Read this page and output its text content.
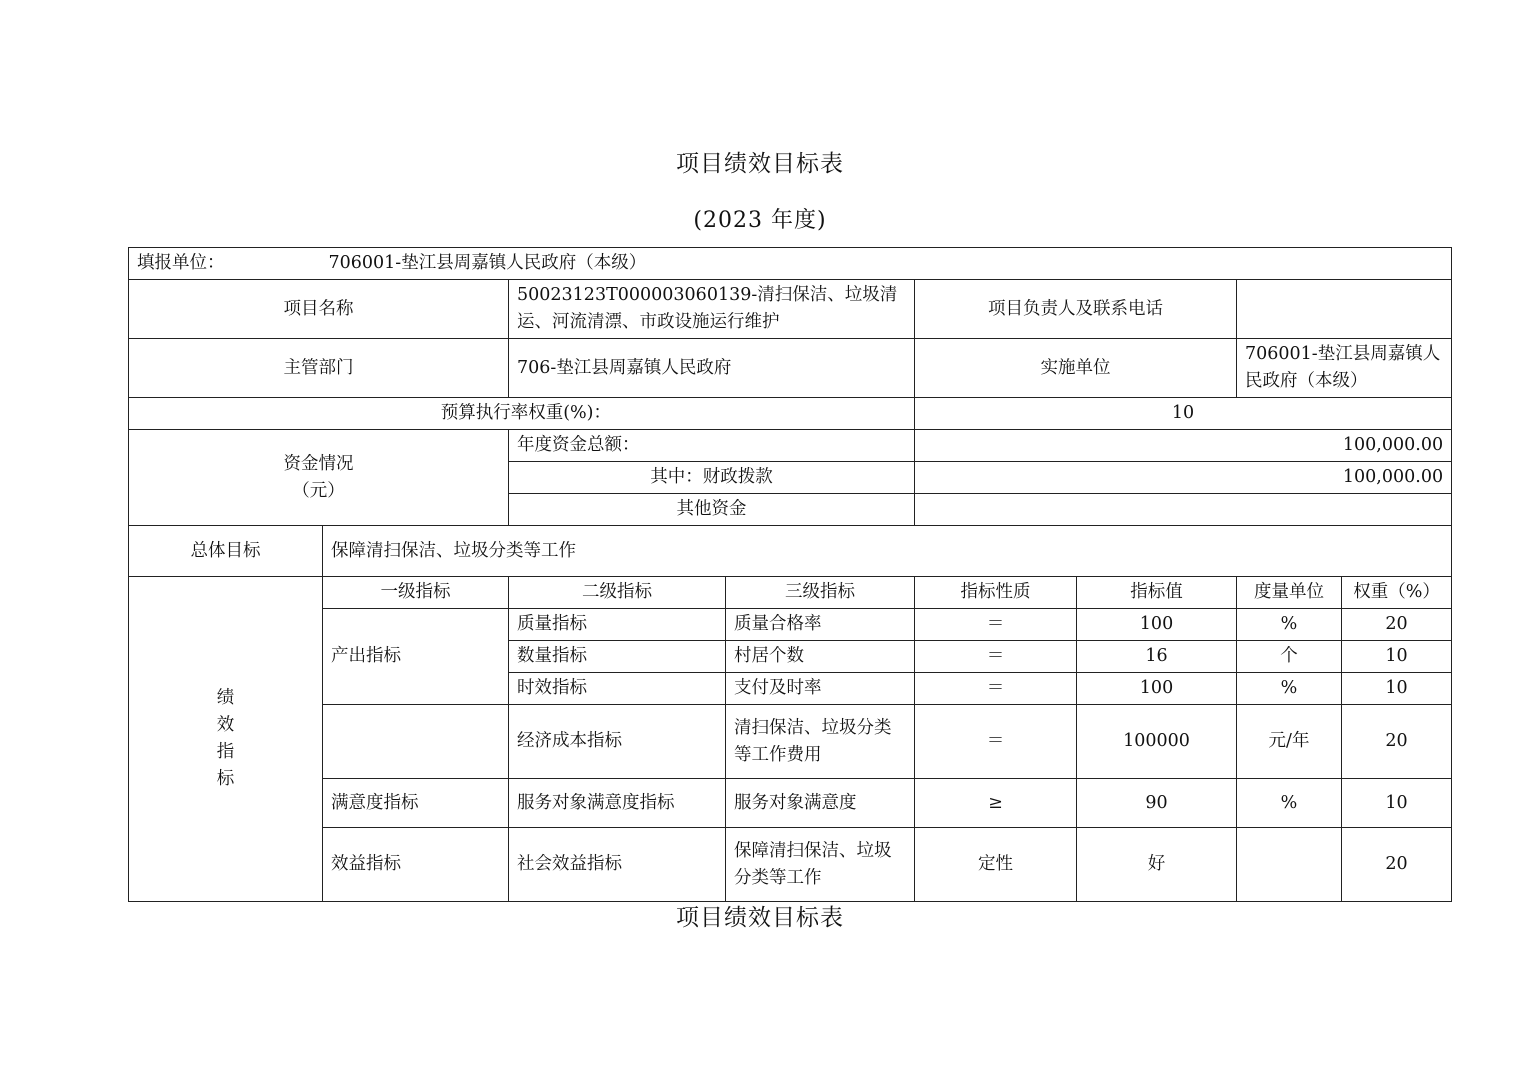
项目绩效目标表
(2023 年度)
填报单位： 706001-垫江县周嘉镇人民政府（本级）							
项目名称		50023123T000003060139-清扫保洁、垃圾清运、河流清漂、市政设施运行维护		项目负责人及联系电话			
主管部门		706-垫江县周嘉镇人民政府		实施单位		706001-垫江县周嘉镇人民政府（本级）	
预算执行率权重(%)：				10			

资金情况
（元）		年度资金总额：		100,000.00			
		其中：财政拨款		100,000.00			
		其他资金					
总体目标	保障清扫保洁、垃圾分类等工作						

绩
效
指
标	一级指标	二级指标	三级指标	指标性质	指标值	度量单位	权重（%）
	产出指标	质量指标	质量合格率	＝	100	%	20
		数量指标	村居个数	＝	16	个	10
		时效指标	支付及时率	＝	100	%	10
		经济成本指标	清扫保洁、垃圾分类等工作费用	＝	100000	元/年	20
	满意度指标	服务对象满意度指标	服务对象满意度	≥	90	%	10
	效益指标	社会效益指标	保障清扫保洁、垃圾分类等工作	定性	好		20
项目绩效目标表
